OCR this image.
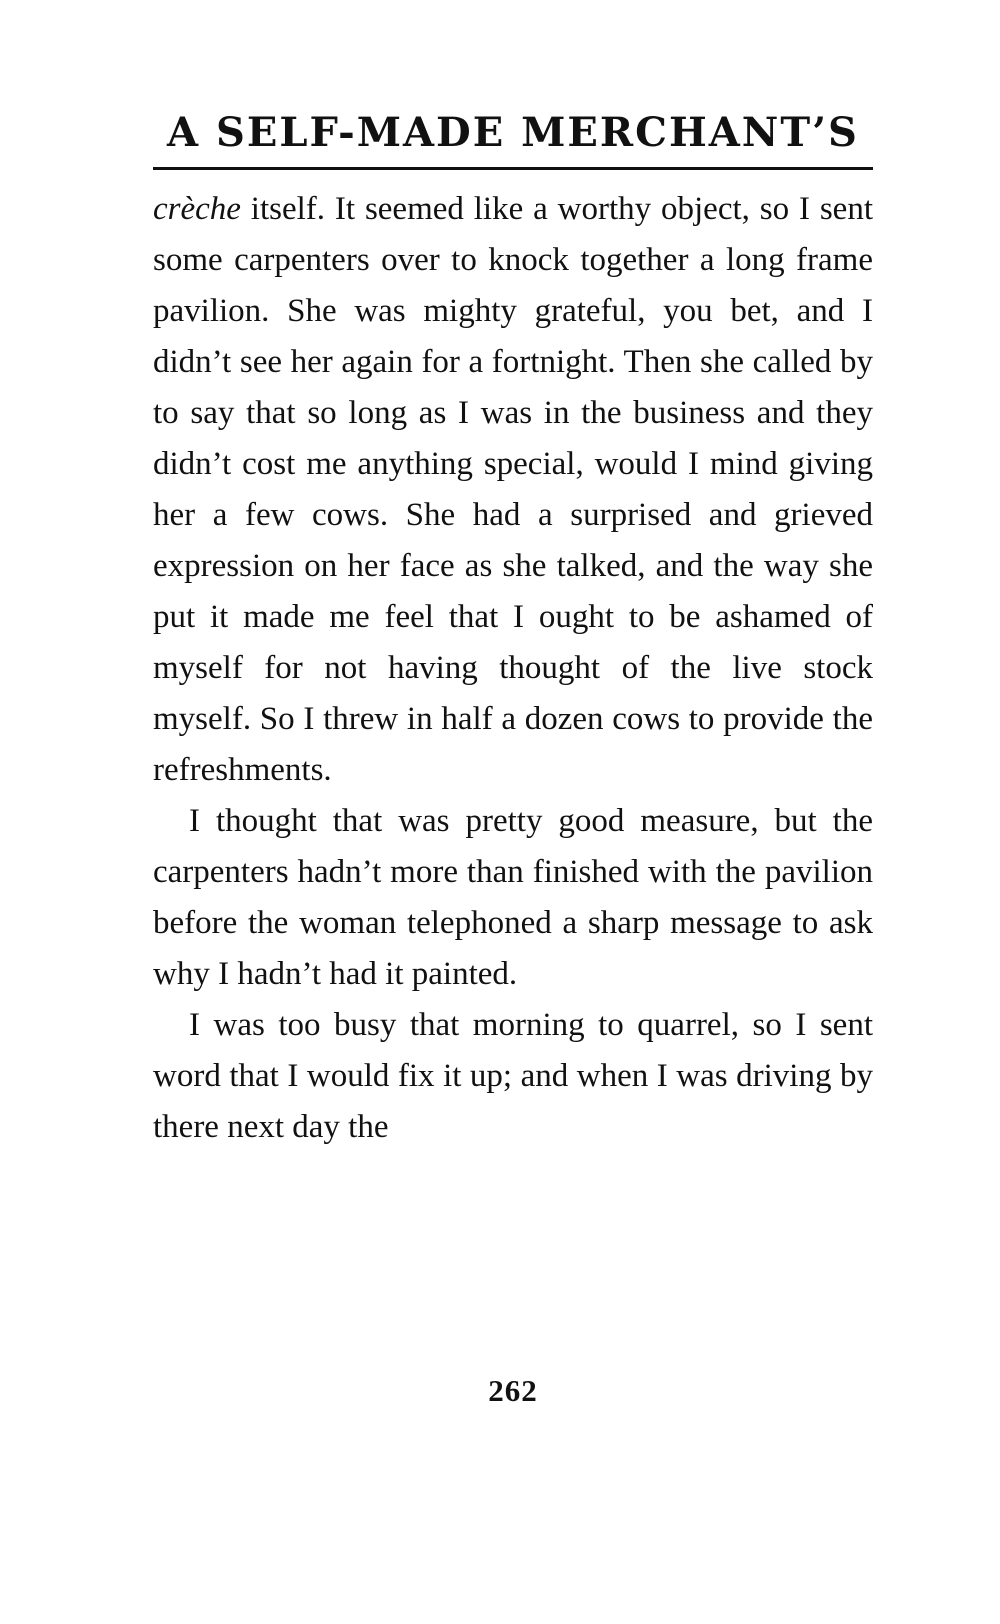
A SELF-MADE MERCHANT’S

crèche itself. It seemed like a worthy object, so I sent some carpenters over to knock together a long frame pavilion. She was mighty grateful, you bet, and I didn’t see her again for a fortnight. Then she called by to say that so long as I was in the business and they didn’t cost me anything special, would I mind giving her a few cows. She had a surprised and grieved expression on her face as she talked, and the way she put it made me feel that I ought to be ashamed of myself for not having thought of the live stock myself. So I threw in half a dozen cows to provide the refreshments.

I thought that was pretty good measure, but the carpenters hadn’t more than finished with the pavilion before the woman telephoned a sharp message to ask why I hadn’t had it painted.

I was too busy that morning to quarrel, so I sent word that I would fix it up; and when I was driving by there next day the

262
